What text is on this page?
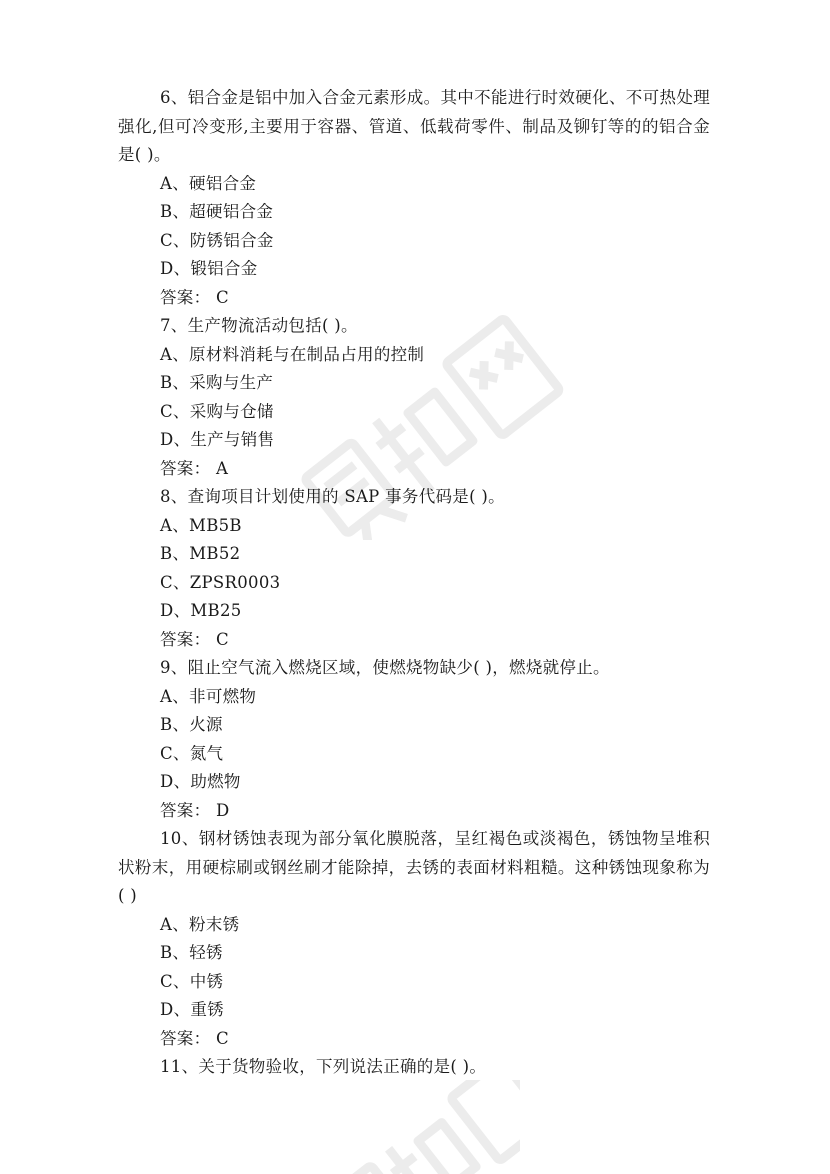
6、铝合金是铝中加入合金元素形成。其中不能进行时效硬化、不可热处理强化,但可冷变形,主要用于容器、管道、低载荷零件、制品及铆钉等的的铝合金是( )。

A、硬铝合金

B、超硬铝合金

C、防锈铝合金

D、锻铝合金

答案： C

7、生产物流活动包括( )。

A、原材料消耗与在制品占用的控制

B、采购与生产

C、采购与仓储

D、生产与销售

答案： A

8、查询项目计划使用的 SAP 事务代码是( )。

A、MB5B

B、MB52

C、ZPSR0003

D、MB25

答案： C

9、阻止空气流入燃烧区域，使燃烧物缺少( )，燃烧就停止。

A、非可燃物

B、火源

C、氮气

D、助燃物

答案： D

10、钢材锈蚀表现为部分氧化膜脱落，呈红褐色或淡褐色，锈蚀物呈堆积状粉末，用硬棕刷或钢丝刷才能除掉，去锈的表面材料粗糙。这种锈蚀现象称为( )

A、粉末锈

B、轻锈

C、中锈

D、重锈

答案： C

11、关于货物验收，下列说法正确的是( )。
